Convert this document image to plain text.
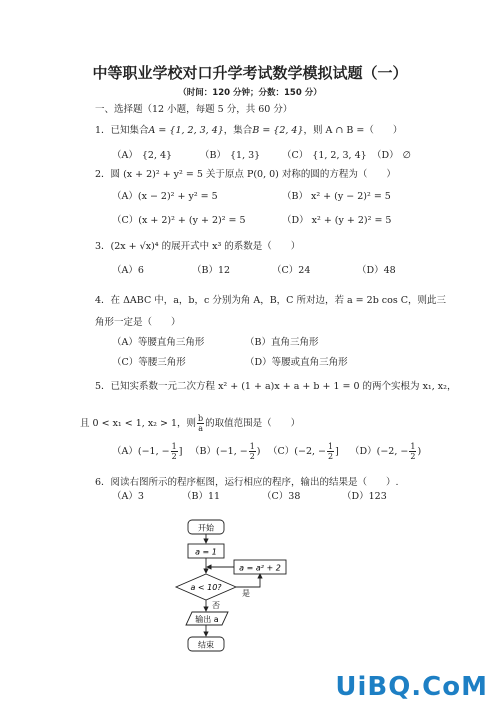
中等职业学校对口升学考试数学模拟试题（一）
（时间：120 分钟；分数：150 分）
一、选择题（12 小题，每题 5 分，共 60 分）
1．已知集合A = {1, 2, 3, 4}，集合B = {2, 4}，则 A ∩ B =（　　）
（A） {2, 4}	（B） {1, 3} （C） {1, 2, 3, 4} （D） ∅
2．圆 (x + 2)² + y² = 5 关于原点 P(0, 0) 对称的圆的方程为（　　）
（A）(x − 2)² + y² = 5	（B） x² + (y − 2)² = 5
（C）(x + 2)² + (y + 2)² = 5	（D） x² + (y + 2)² = 5
3．(2x + √x)⁴ 的展开式中 x³ 的系数是（　　）
（A）6	（B）12	（C）24	（D）48
4．在 ΔABC 中，a，b，c 分别为角 A，B，C 所对边，若 a = 2b cos C，则此三
角形一定是（　　）
（A）等腰直角三角形	（B）直角三角形
（C）等腰三角形	（D）等腰或直角三角形
5．已知实系数一元二次方程 x² + (1 + a)x + a + b + 1 = 0 的两个实根为 x₁, x₂，
且 0 < x₁ < 1, x₂ > 1，则 $\frac{b}{a}$ 的取值范围是（　　）
（A） (−1, − $\frac{1}{2}$ ] （B） (−1, − $\frac{1}{2}$ ) （C） (−2, − $\frac{1}{2}$ ] （D） (−2, − $\frac{1}{2}$ )
6．阅读右图所示的程序框图，运行相应的程序，输出的结果是（　　）.
（A）3	（B）11	（C）38	（D）123
开始
a = 1
a = a² + 2
a < 10?
是
否
输出 a
结束
UiBQ.CoM
